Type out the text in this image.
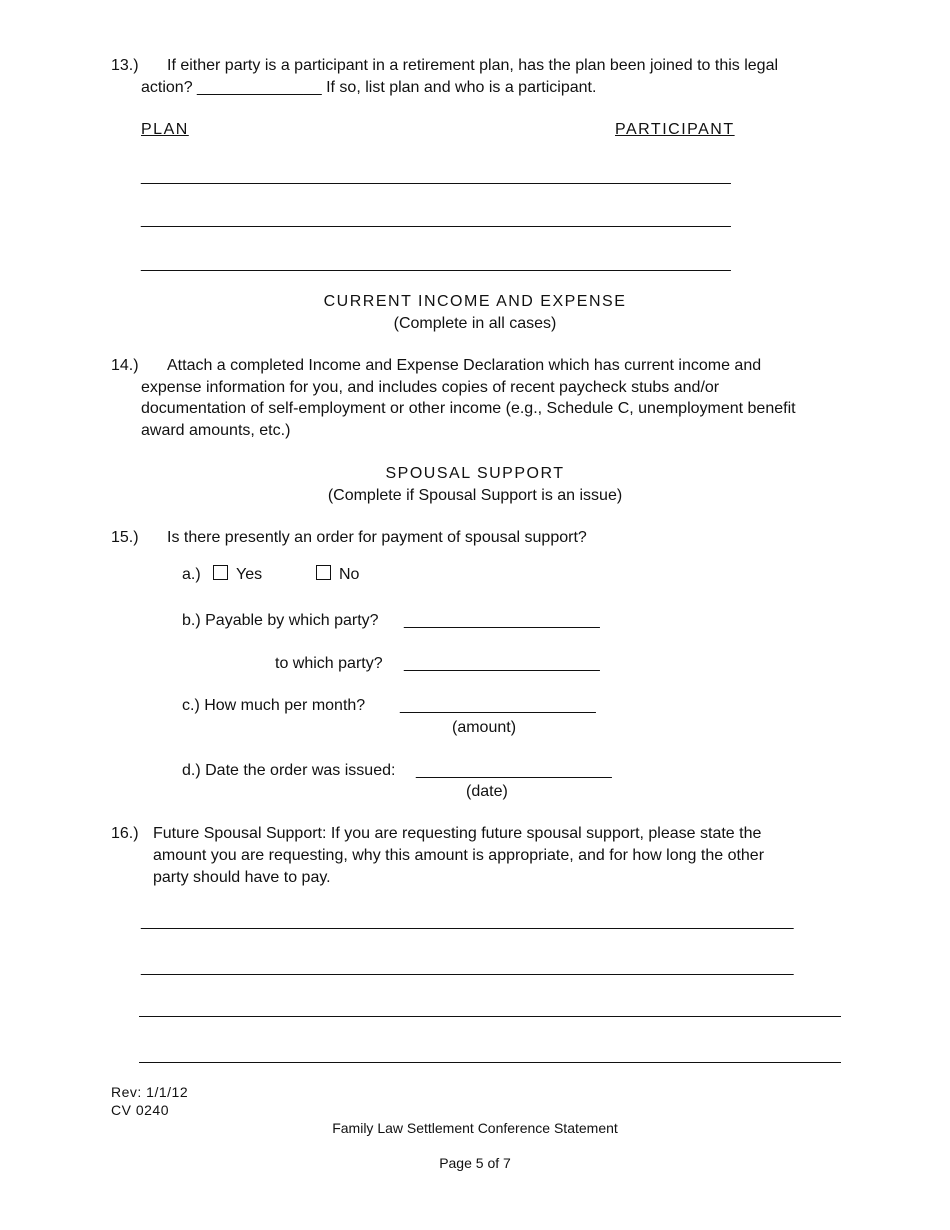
13.) If either party is a participant in a retirement plan, has the plan been joined to this legal
action? ______________ If so, list plan and who is a participant.
PLAN	PARTICIPANT
_______________________________________________________________________
_______________________________________________________________________
_______________________________________________________________________
CURRENT INCOME AND EXPENSE
(Complete in all cases)
14.) Attach a completed Income and Expense Declaration which has current income and
expense information for you, and includes copies of recent paycheck stubs and/or
documentation of self-employment or other income (e.g., Schedule C, unemployment benefit
award amounts, etc.)
SPOUSAL SUPPORT
(Complete if Spousal Support is an issue)
15.) Is there presently an order for payment of spousal support?
a.)	Yes	No
b.) Payable by which party? ______________________
to which party? ______________________
c.) How much per month? ______________________
(amount)
d.) Date the order was issued: ______________________
(date)
16.) Future Spousal Support: If you are requesting future spousal support, please state the
amount you are requesting, why this amount is appropriate, and for how long the other
party should have to pay.
___________________________________________________________________________
___________________________________________________________________________
Rev: 1/1/12
CV 0240
Family Law Settlement Conference Statement
Page 5 of 7
